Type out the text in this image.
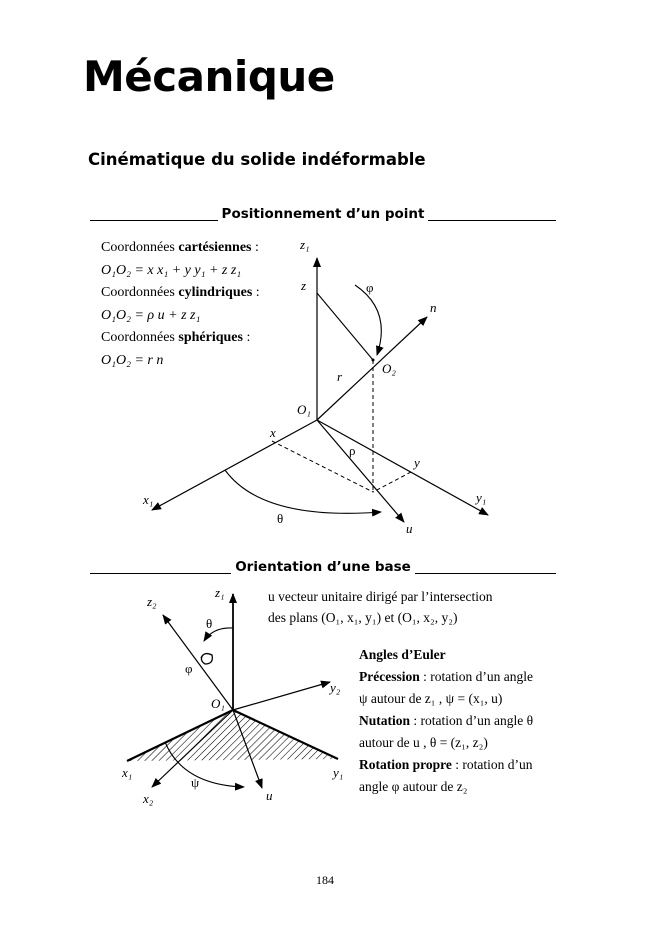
Mécanique
Cinématique du solide indéformable
Positionnement d’un point
Coordonnées cartésiennes :
O₁O₂ = x x₁ + y y₁ + z z₁
Coordonnées cylindriques :
O₁O₂ = ρ u + z z₁
Coordonnées sphériques :
O₁O₂ = r n
Orientation d’une base
z₁
z	φ
n
O₂
r
O₁
x
ρ
y
x₁	y₁
θ
u
z₂
z₁
θ
φ
y₂
O₁
x₁	y₁
ψ
x₂	u
u vecteur unitaire dirigé par l’intersection
des plans (O₁, x₁, y₁) et (O₁, x₂, y₂)
Angles d’Euler
Précession : rotation d’un angle
ψ autour de z₁ , ψ = (x₁, u)
Nutation : rotation d’un angle θ
autour de u , θ = (z₁, z₂)
Rotation propre : rotation d’un
angle φ autour de z₂
184
